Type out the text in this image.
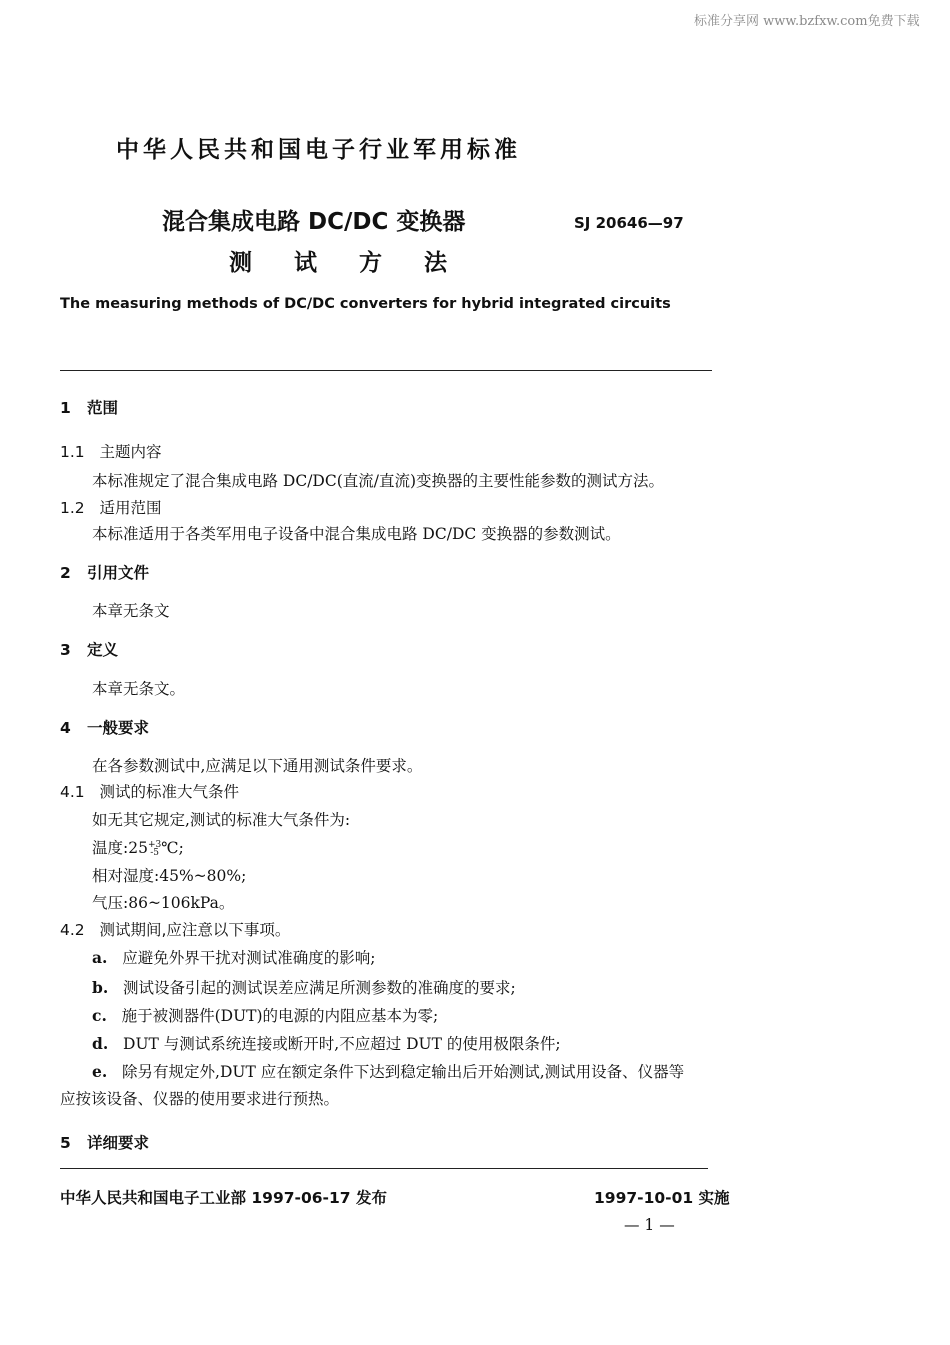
标准分享网 www.bzfxw.com免费下载
中华人民共和国电子行业军用标准
混合集成电路 DC/DC 变换器	SJ 20646—97
测 试 方 法
The measuring methods of DC/DC converters for hybrid integrated circuits
1 范围
1.1 主题内容
本标准规定了混合集成电路 DC/DC(直流/直流)变换器的主要性能参数的测试方法。
1.2 适用范围
本标准适用于各类军用电子设备中混合集成电路 DC/DC 变换器的参数测试。
2 引用文件
本章无条文
3 定义
本章无条文。
4 一般要求
在各参数测试中,应满足以下通用测试条件要求。
4.1 测试的标准大气条件
如无其它规定,测试的标准大气条件为:
温度:25+3
-5 ℃;
相对湿度:45%~80%;
气压:86~106kPa。
4.2 测试期间,应注意以下事项。
a. 应避免外界干扰对测试准确度的影响;
b. 测试设备引起的测试误差应满足所测参数的准确度的要求;
c. 施于被测器件(DUT)的电源的内阻应基本为零;
d. DUT 与测试系统连接或断开时,不应超过 DUT 的使用极限条件;
e. 除另有规定外,DUT 应在额定条件下达到稳定输出后开始测试,测试用设备、仪器等
应按该设备、仪器的使用要求进行预热。
5 详细要求
中华人民共和国电子工业部 1997-06-17 发布	1997-10-01 实施
— 1 —
